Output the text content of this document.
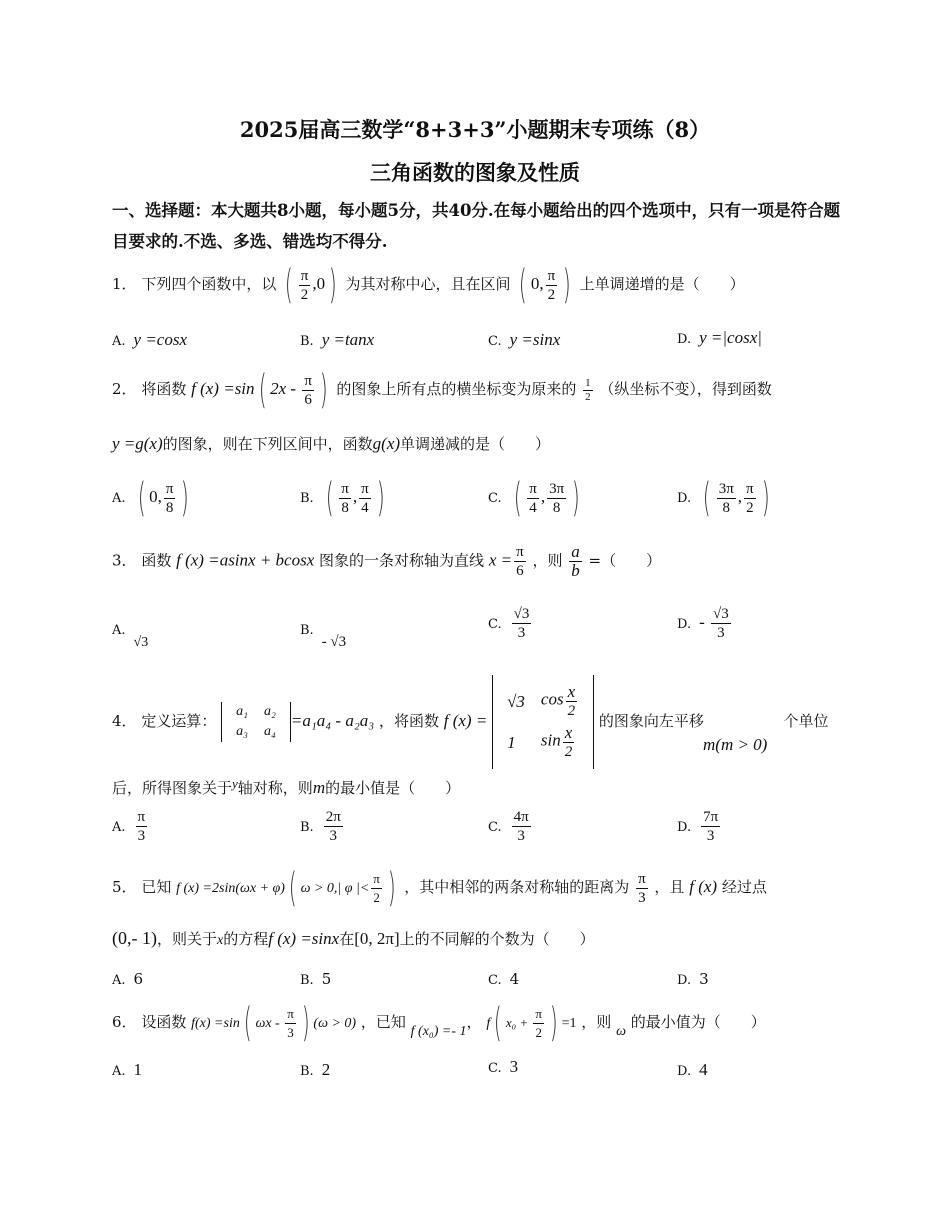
2025届高三数学“8+3+3”小题期末专项练（8）
三角函数的图象及性质
一、选择题：本大题共8小题，每小题5分，共40分.在每小题给出的四个选项中，只有一项是符合题目要求的.不选、多选、错选均不得分.
1． 下列四个函数中，以 ( $\frac{\pi}{2} ,0$) 为其对称中心，且在区间 ( 0, $\frac{\pi}{2}$ ) 上单调递增的是（　　）
A. y =cosx	B. y =tanx	C. y =sinx	D. y =|cosx|
2． 将函数 f (x) =sin( $2x - \frac{\pi}{6}$ ) 的图象上所有点的横坐标变为原来的 $\frac{1}{2}$ （纵坐标不变），得到函数
y =g(x)的图象，则在下列区间中，函数g(x)单调递减的是（　　）
A. ( 0, $\frac{\pi}{8}$ )	B. ( $\frac{\pi}{8}$ , $\frac{\pi}{4}$ )	C. ( $\frac{\pi}{4}$ , $\frac{3\pi}{8}$ )	D. ( $\frac{3\pi}{8}$ , $\frac{\pi}{2}$ )
3． 函数 f (x) =asinx + bcosx 图象的一条对称轴为直线 $x = \frac{\pi}{6}$ ，则 $\frac{a}{b}$ =（　　）
A.√3
B.- √3
C. $\frac{√3}{3}$	D. - $\frac{√3}{3}$
4． 定义运算：
a₁	a₂
a₃	a₄
=a₁a₄ - a₂a₃ ，将函数 f (x) =
√3	$\cos \frac{x}{2}$

1	$\sin \frac{x}{2}$
的图象向左平移	个单位
m(m > 0)
后，所得图象关于y轴对称，则m的最小值是（　　）
A. $\frac{\pi}{3}$	B. $\frac{2\pi}{3}$	C. $\frac{4\pi}{3}$	D. $\frac{7\pi}{3}$
5． 已知 f (x) =2sin(ωx + φ)( ω > 0,| φ |< $\frac{\pi}{2}$ ) ，其中相邻的两条对称轴的距离为 $\frac{\pi}{3}$ ，且 f (x) 经过点
(0,- 1)，则关于x的方程f (x) =sinx在[0, 2π]上的不同解的个数为（　　）
A. 6	B. 5	C. 4	D. 3
6． 设函数 f(x) =sin( ωx - $\frac{\pi}{3}$ ) (ω > 0) ，已知 f (x₀) =- 1， f( $x_0 + \frac{\pi}{2}$ ) =1 ，则 ω 的最小值为（　　）
A. 1	B. 2	C. 3	D. 4
